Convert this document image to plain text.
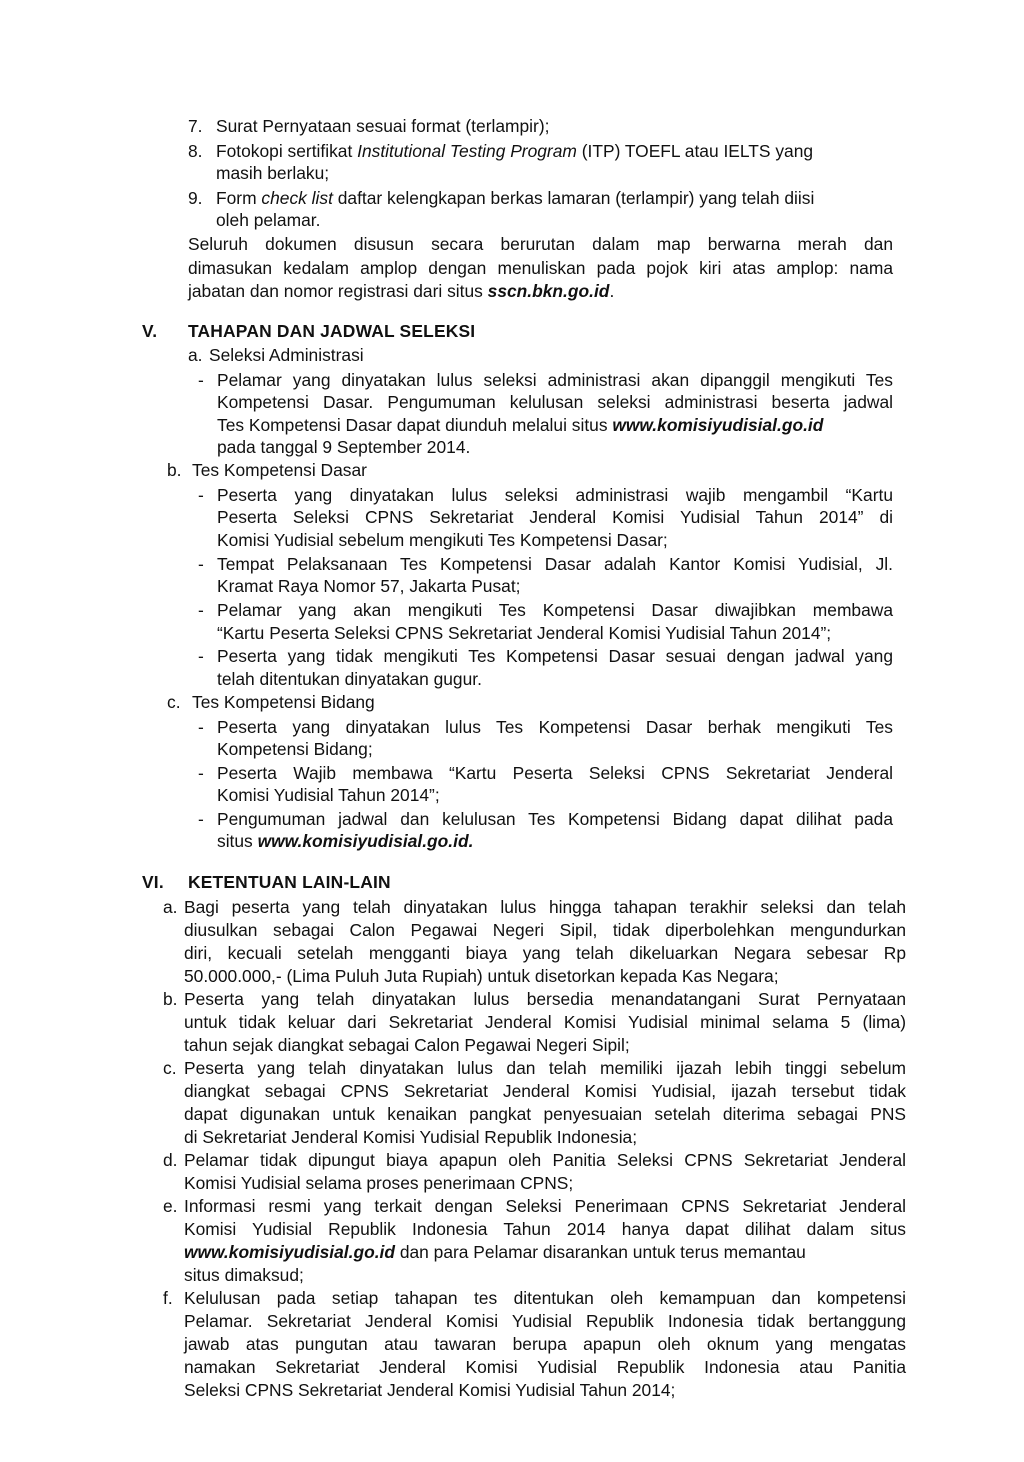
7. Surat Pernyataan sesuai format (terlampir);
8. Fotokopi sertifikat Institutional Testing Program (ITP) TOEFL atau IELTS yang
masih berlaku;
9. Form check list daftar kelengkapan berkas lamaran (terlampir) yang telah diisi
oleh pelamar.
Seluruh dokumen disusun secara berurutan dalam map berwarna merah dan
dimasukan kedalam amplop dengan menuliskan pada pojok kiri atas amplop: nama
jabatan dan nomor registrasi dari situs sscn.bkn.go.id.
V. TAHAPAN DAN JADWAL SELEKSI
a. Seleksi Administrasi
- Pelamar yang dinyatakan lulus seleksi administrasi akan dipanggil mengikuti Tes
Kompetensi Dasar. Pengumuman kelulusan seleksi administrasi beserta jadwal
Tes Kompetensi Dasar dapat diunduh melalui situs www.komisiyudisial.go.id
pada tanggal 9 September 2014.
b. Tes Kompetensi Dasar
- Peserta yang dinyatakan lulus seleksi administrasi wajib mengambil “Kartu
Peserta Seleksi CPNS Sekretariat Jenderal Komisi Yudisial Tahun 2014” di
Komisi Yudisial sebelum mengikuti Tes Kompetensi Dasar;
- Tempat Pelaksanaan Tes Kompetensi Dasar adalah Kantor Komisi Yudisial, Jl.
Kramat Raya Nomor 57, Jakarta Pusat;
- Pelamar yang akan mengikuti Tes Kompetensi Dasar diwajibkan membawa
“Kartu Peserta Seleksi CPNS Sekretariat Jenderal Komisi Yudisial Tahun 2014”;
- Peserta yang tidak mengikuti Tes Kompetensi Dasar sesuai dengan jadwal yang
telah ditentukan dinyatakan gugur.
c. Tes Kompetensi Bidang
- Peserta yang dinyatakan lulus Tes Kompetensi Dasar berhak mengikuti Tes
Kompetensi Bidang;
- Peserta Wajib membawa “Kartu Peserta Seleksi CPNS Sekretariat Jenderal
Komisi Yudisial Tahun 2014”;
- Pengumuman jadwal dan kelulusan Tes Kompetensi Bidang dapat dilihat pada
situs www.komisiyudisial.go.id.
VI. KETENTUAN LAIN-LAIN
a. Bagi peserta yang telah dinyatakan lulus hingga tahapan terakhir seleksi dan telah
diusulkan sebagai Calon Pegawai Negeri Sipil, tidak diperbolehkan mengundurkan
diri, kecuali setelah mengganti biaya yang telah dikeluarkan Negara sebesar Rp
50.000.000,- (Lima Puluh Juta Rupiah) untuk disetorkan kepada Kas Negara;
b. Peserta yang telah dinyatakan lulus bersedia menandatangani Surat Pernyataan
untuk tidak keluar dari Sekretariat Jenderal Komisi Yudisial minimal selama 5 (lima)
tahun sejak diangkat sebagai Calon Pegawai Negeri Sipil;
c. Peserta yang telah dinyatakan lulus dan telah memiliki ijazah lebih tinggi sebelum
diangkat sebagai CPNS Sekretariat Jenderal Komisi Yudisial, ijazah tersebut tidak
dapat digunakan untuk kenaikan pangkat penyesuaian setelah diterima sebagai PNS
di Sekretariat Jenderal Komisi Yudisial Republik Indonesia;
d. Pelamar tidak dipungut biaya apapun oleh Panitia Seleksi CPNS Sekretariat Jenderal
Komisi Yudisial selama proses penerimaan CPNS;
e. Informasi resmi yang terkait dengan Seleksi Penerimaan CPNS Sekretariat Jenderal
Komisi Yudisial Republik Indonesia Tahun 2014 hanya dapat dilihat dalam situs
www.komisiyudisial.go.id dan para Pelamar disarankan untuk terus memantau
situs dimaksud;
f. Kelulusan pada setiap tahapan tes ditentukan oleh kemampuan dan kompetensi
Pelamar. Sekretariat Jenderal Komisi Yudisial Republik Indonesia tidak bertanggung
jawab atas pungutan atau tawaran berupa apapun oleh oknum yang mengatas
namakan Sekretariat Jenderal Komisi Yudisial Republik Indonesia atau Panitia
Seleksi CPNS Sekretariat Jenderal Komisi Yudisial Tahun 2014;
